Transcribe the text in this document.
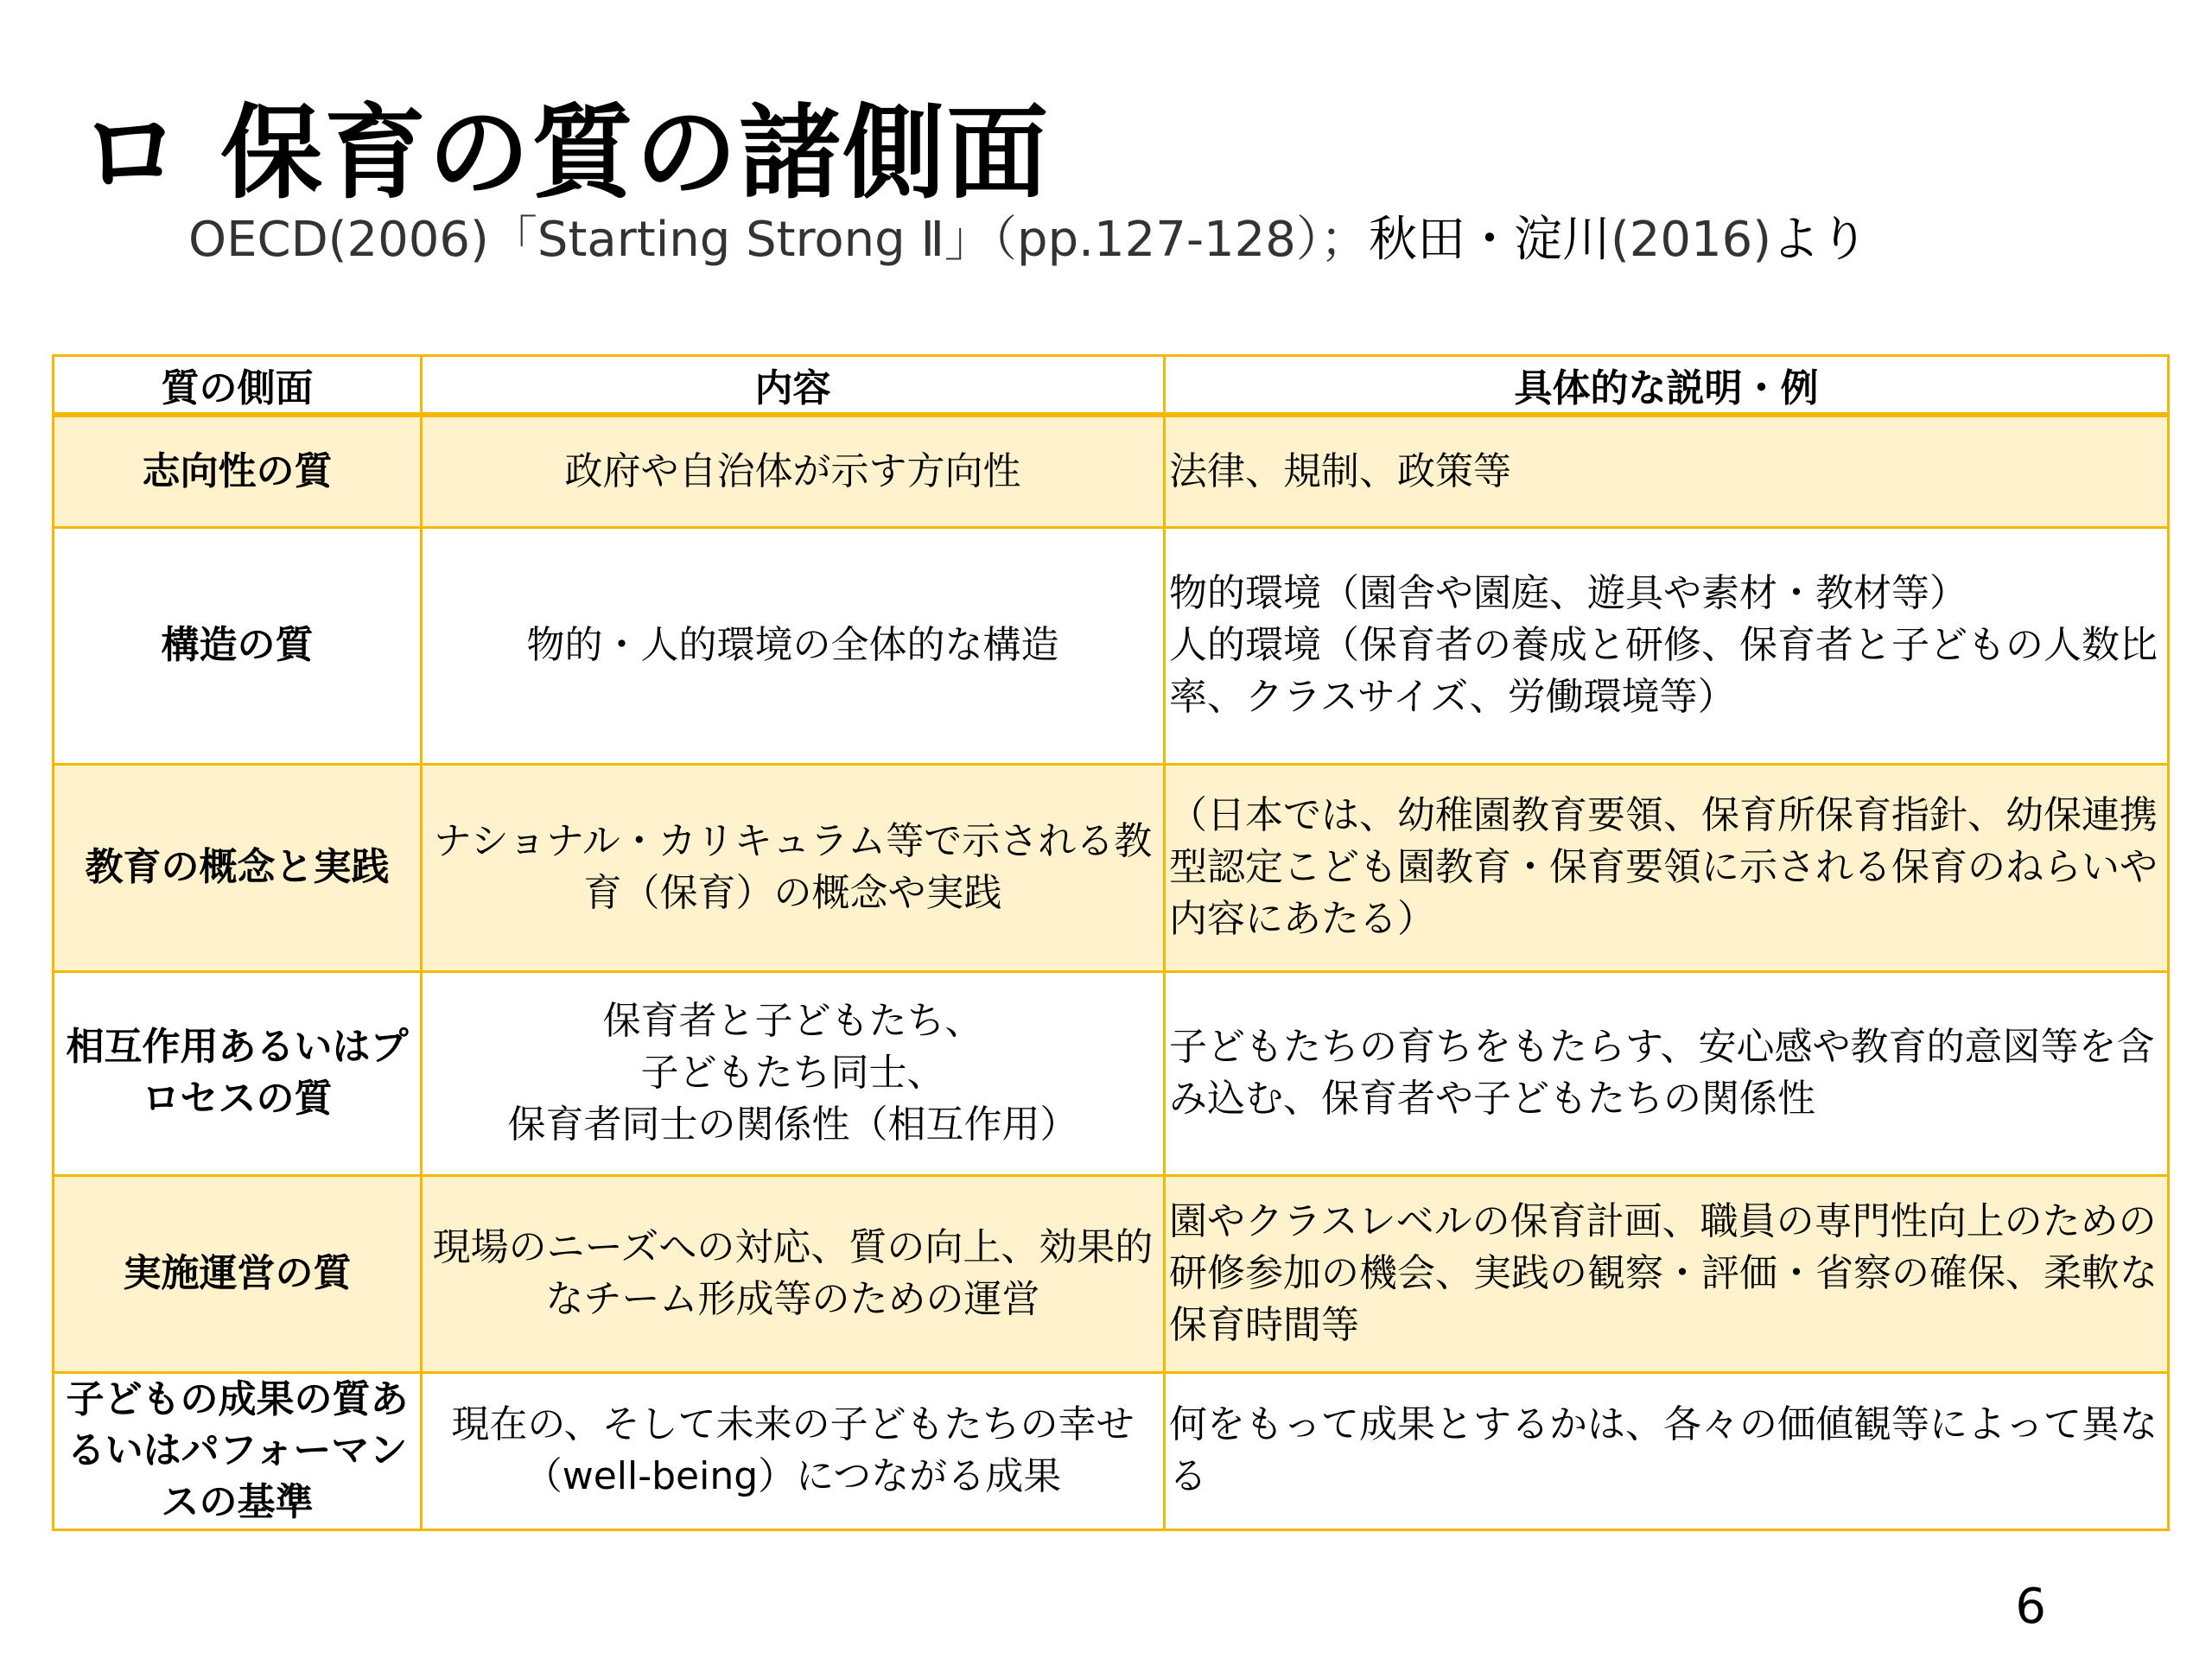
ロ 保育の質の諸側面
OECD(2006)「Starting Strong Ⅱ」（pp.127-128）；秋田・淀川(2016)より
質の側面	内容	具体的な説明・例
志向性の質	政府や自治体が示す方向性	法律、規制、政策等
構造の質	物的・人的環境の全体的な構造	物的環境（園舎や園庭、遊具や素材・教材等）
人的環境（保育者の養成と研修、保育者と子どもの人数比率、クラスサイズ、労働環境等）
教育の概念と実践	ナショナル・カリキュラム等で示される教育（保育）の概念や実践	（日本では、幼稚園教育要領、保育所保育指針、幼保連携型認定こども園教育・保育要領に示される保育のねらいや内容にあたる）
相互作用あるいはプロセスの質	保育者と子どもたち、
子どもたち同士、
保育者同士の関係性（相互作用）	子どもたちの育ちをもたらす、安心感や教育的意図等を含み込む、保育者や子どもたちの関係性
実施運営の質	現場のニーズへの対応、質の向上、効果的なチーム形成等のための運営	園やクラスレベルの保育計画、職員の専門性向上のための研修参加の機会、実践の観察・評価・省察の確保、柔軟な保育時間等
子どもの成果の質あるいはパフォーマンスの基準	現在の、そして未来の子どもたちの幸せ（well-being）につながる成果	何をもって成果とするかは、各々の価値観等によって異なる
6
